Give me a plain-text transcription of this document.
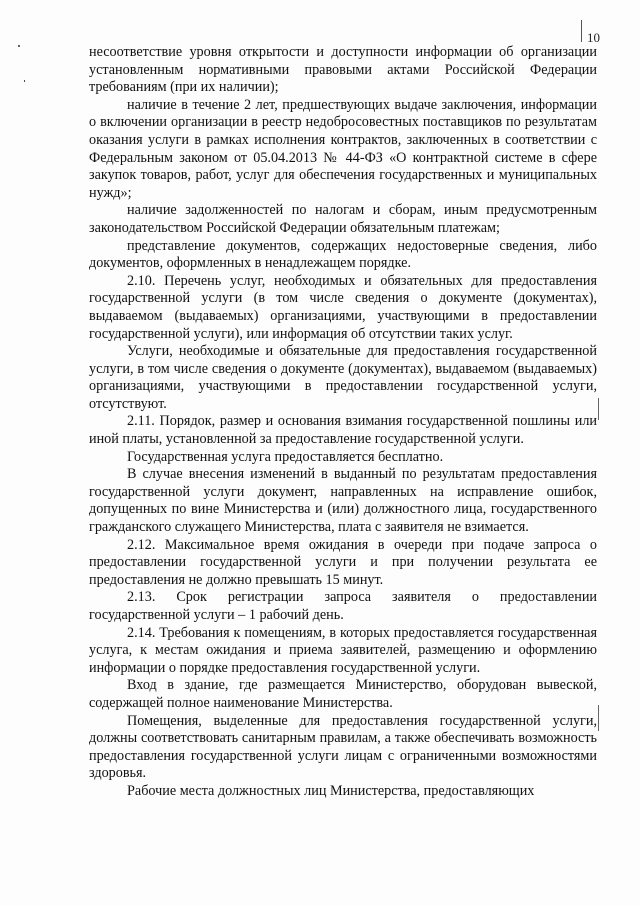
10

несоответствие уровня открытости и доступности информации об организации установленным нормативными правовыми актами Российской Федерации требованиям (при их наличии);

наличие в течение 2 лет, предшествующих выдаче заключения, информации о включении организации в реестр недобросовестных поставщиков по результатам оказания услуги в рамках исполнения контрактов, заключенных в соответствии с Федеральным законом от 05.04.2013 № 44-ФЗ «О контрактной системе в сфере закупок товаров, работ, услуг для обеспечения государственных и муниципальных нужд»;

наличие задолженностей по налогам и сборам, иным предусмотренным законодательством Российской Федерации обязательным платежам;

представление документов, содержащих недостоверные сведения, либо документов, оформленных в ненадлежащем порядке.

2.10. Перечень услуг, необходимых и обязательных для предоставления государственной услуги (в том числе сведения о документе (документах), выдаваемом (выдаваемых) организациями, участвующими в предоставлении государственной услуги), или информация об отсутствии таких услуг.

Услуги, необходимые и обязательные для предоставления государственной услуги, в том числе сведения о документе (документах), выдаваемом (выдаваемых) организациями, участвующими в предоставлении государственной услуги, отсутствуют.

2.11. Порядок, размер и основания взимания государственной пошлины или иной платы, установленной за предоставление государственной услуги.

Государственная услуга предоставляется бесплатно.

В случае внесения изменений в выданный по результатам предоставления государственной услуги документ, направленных на исправление ошибок, допущенных по вине Министерства и (или) должностного лица, государственного гражданского служащего Министерства, плата с заявителя не взимается.

2.12. Максимальное время ожидания в очереди при подаче запроса о предоставлении государственной услуги и при получении результата ее предоставления не должно превышать 15 минут.

2.13. Срок регистрации запроса заявителя о предоставлении государственной услуги – 1 рабочий день.

2.14. Требования к помещениям, в которых предоставляется государственная услуга, к местам ожидания и приема заявителей, размещению и оформлению информации о порядке предоставления государственной услуги.

Вход в здание, где размещается Министерство, оборудован вывеской, содержащей полное наименование Министерства.

Помещения, выделенные для предоставления государственной услуги, должны соответствовать санитарным правилам, а также обеспечивать возможность предоставления государственной услуги лицам с ограниченными возможностями здоровья.

Рабочие места должностных лиц Министерства, предоставляющих
